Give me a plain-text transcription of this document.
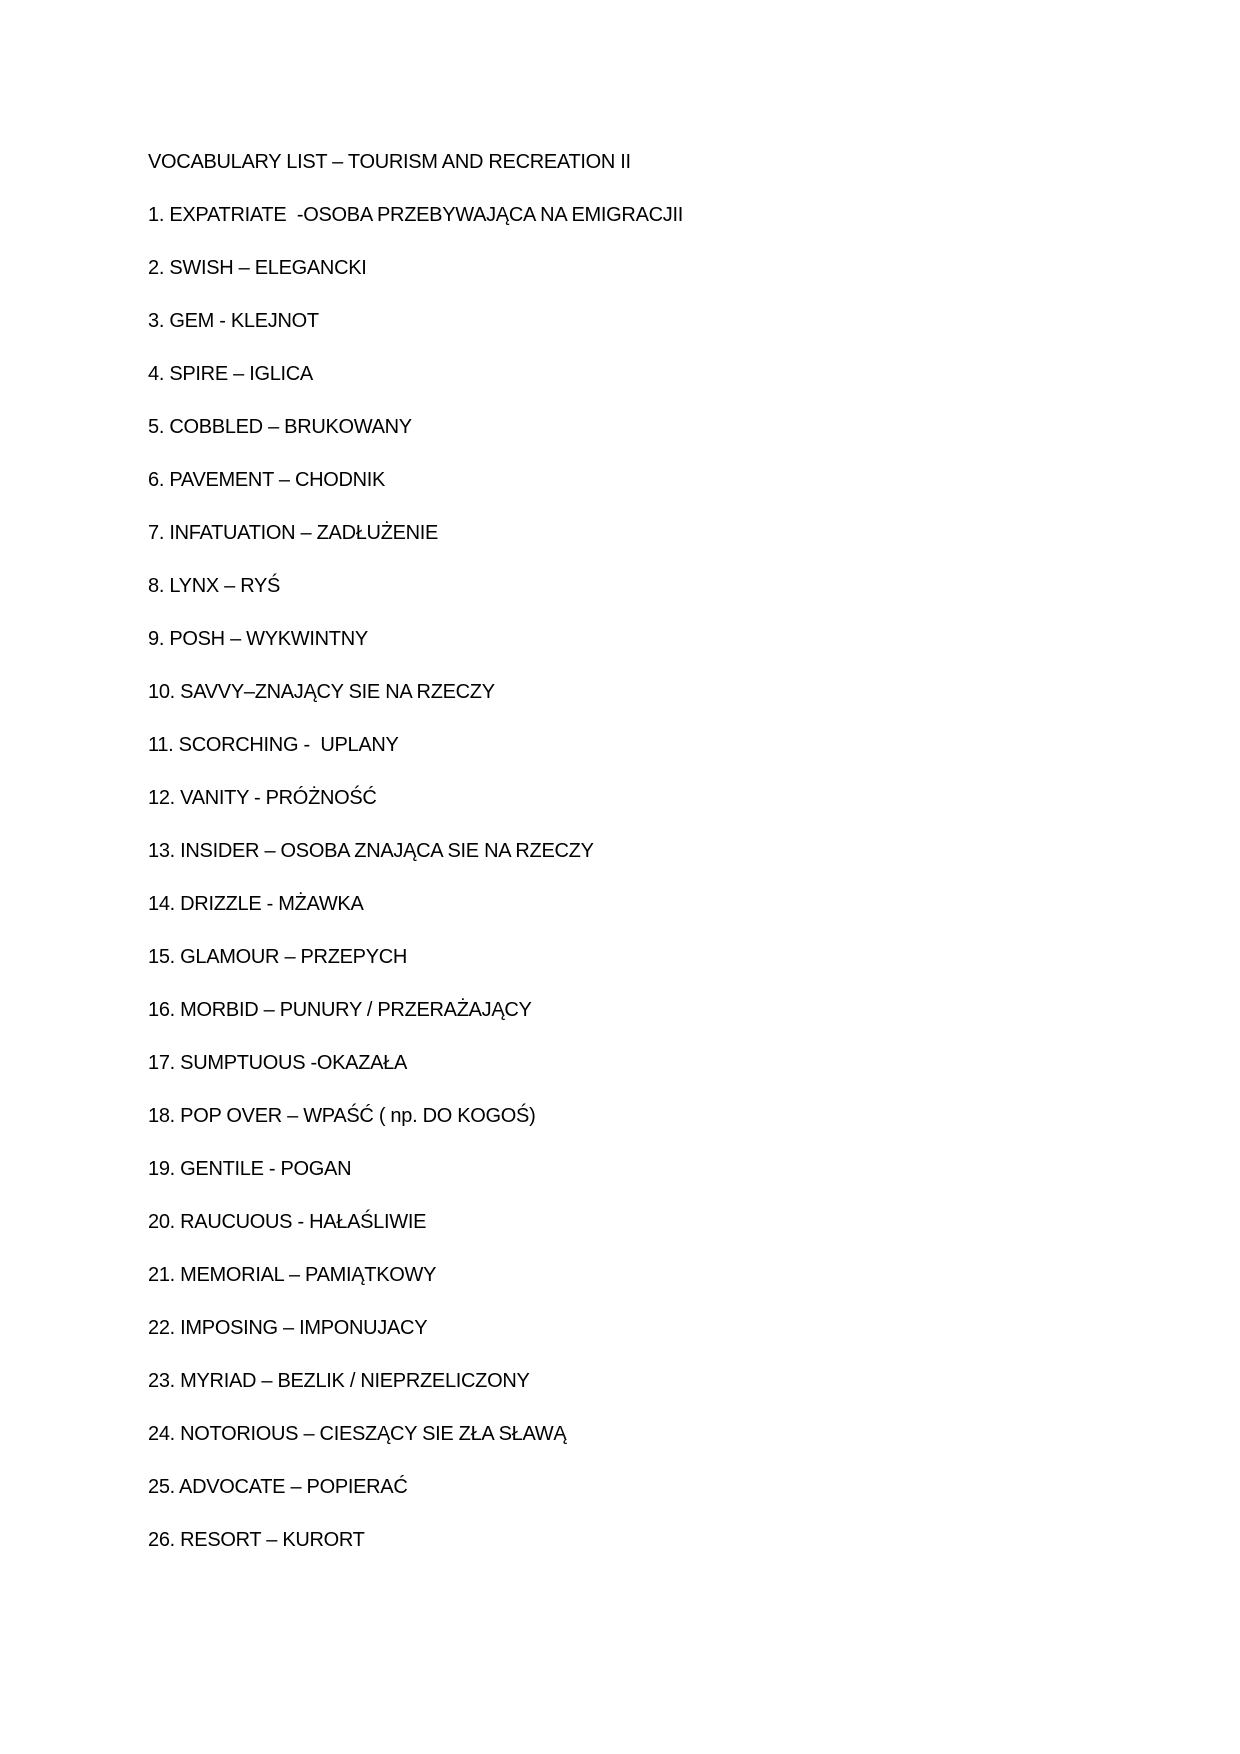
VOCABULARY LIST – TOURISM AND RECREATION II
1. EXPATRIATE  -OSOBA PRZEBYWAJĄCA NA EMIGRACJII
2. SWISH – ELEGANCKI
3. GEM - KLEJNOT
4. SPIRE – IGLICA
5. COBBLED – BRUKOWANY
6. PAVEMENT – CHODNIK
7. INFATUATION – ZADŁUŻENIE
8. LYNX – RYŚ
9. POSH – WYKWINTNY
10. SAVVY–ZNAJĄCY SIE NA RZECZY
11. SCORCHING -  UPLANY
12. VANITY - PRÓŻNOŚĆ
13. INSIDER – OSOBA ZNAJĄCA SIE NA RZECZY
14. DRIZZLE - MŻAWKA
15. GLAMOUR – PRZEPYCH
16. MORBID – PUNURY / PRZERAŻAJĄCY
17. SUMPTUOUS -OKAZAŁA
18. POP OVER – WPAŚĆ ( np. DO KOGOŚ)
19. GENTILE - POGAN
20. RAUCUOUS - HAŁAŚLIWIE
21. MEMORIAL – PAMIĄTKOWY
22. IMPOSING – IMPONUJACY
23. MYRIAD – BEZLIK / NIEPRZELICZONY
24. NOTORIOUS – CIESZĄCY SIE ZŁA SŁAWĄ
25. ADVOCATE – POPIERAĆ
26. RESORT – KURORT
